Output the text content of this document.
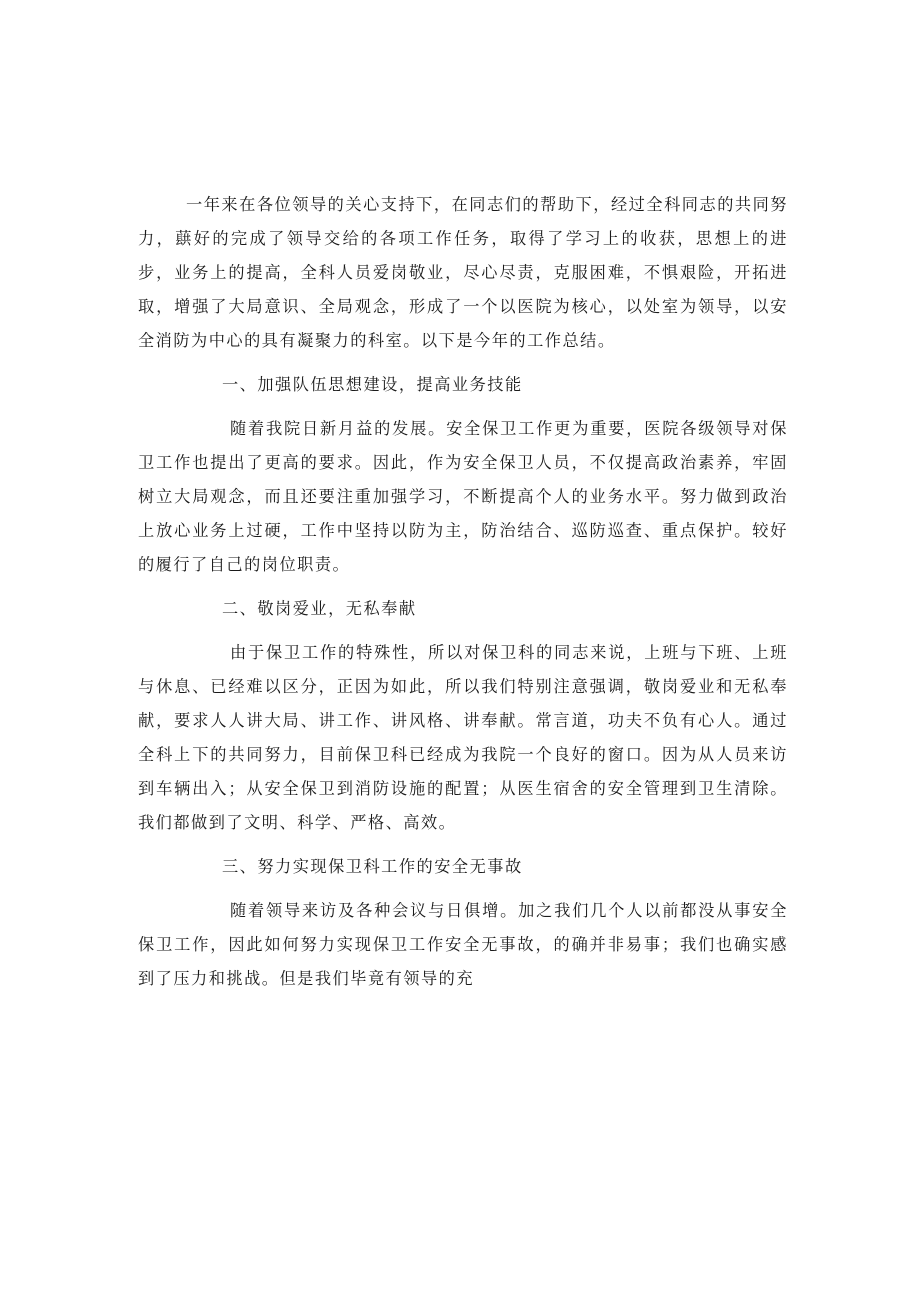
一年来在各位领导的关心支持下，在同志们的帮助下，经过全科同志的共同努力，蕻好的完成了领导交给的各项工作任务，取得了学习上的收获，思想上的进步，业务上的提高，全科人员爱岗敬业，尽心尽责，克服困难，不惧艰险，开拓进取，增强了大局意识、全局观念，形成了一个以医院为核心，以处室为领导，以安全消防为中心的具有凝聚力的科室。以下是今年的工作总结。

一、加强队伍思想建设，提高业务技能

随着我院日新月益的发展。安全保卫工作更为重要，医院各级领导对保卫工作也提出了更高的要求。因此，作为安全保卫人员，不仅提高政治素养，牢固树立大局观念，而且还要注重加强学习，不断提高个人的业务水平。努力做到政治上放心业务上过硬，工作中坚持以防为主，防治结合、巡防巡查、重点保护。较好的履行了自己的岗位职责。

二、敬岗爱业，无私奉献

由于保卫工作的特殊性，所以对保卫科的同志来说，上班与下班、上班与休息、已经难以区分，正因为如此，所以我们特别注意强调，敬岗爱业和无私奉献，要求人人讲大局、讲工作、讲风格、讲奉献。常言道，功夫不负有心人。通过全科上下的共同努力，目前保卫科已经成为我院一个良好的窗口。因为从人员来访到车辆出入；从安全保卫到消防设施的配置；从医生宿舍的安全管理到卫生清除。我们都做到了文明、科学、严格、高效。

三、努力实现保卫科工作的安全无事故

随着领导来访及各种会议与日俱增。加之我们几个人以前都没从事安全保卫工作，因此如何努力实现保卫工作安全无事故，的确并非易事；我们也确实感到了压力和挑战。但是我们毕竟有领导的充
